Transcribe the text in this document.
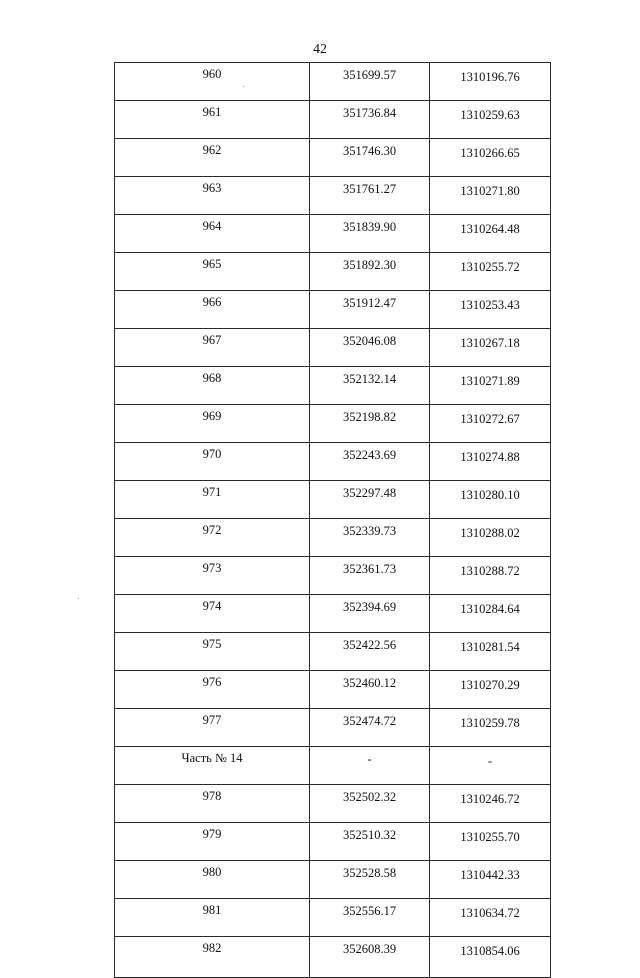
42
960	351699.57	1310196.76
961	351736.84	1310259.63
962	351746.30	1310266.65
963	351761.27	1310271.80
964	351839.90	1310264.48
965	351892.30	1310255.72
966	351912.47	1310253.43
967	352046.08	1310267.18
968	352132.14	1310271.89
969	352198.82	1310272.67
970	352243.69	1310274.88
971	352297.48	1310280.10
972	352339.73	1310288.02
973	352361.73	1310288.72
974	352394.69	1310284.64
975	352422.56	1310281.54
976	352460.12	1310270.29
977	352474.72	1310259.78
Часть № 14	-	-
978	352502.32	1310246.72
979	352510.32	1310255.70
980	352528.58	1310442.33
981	352556.17	1310634.72
982	352608.39	1310854.06
